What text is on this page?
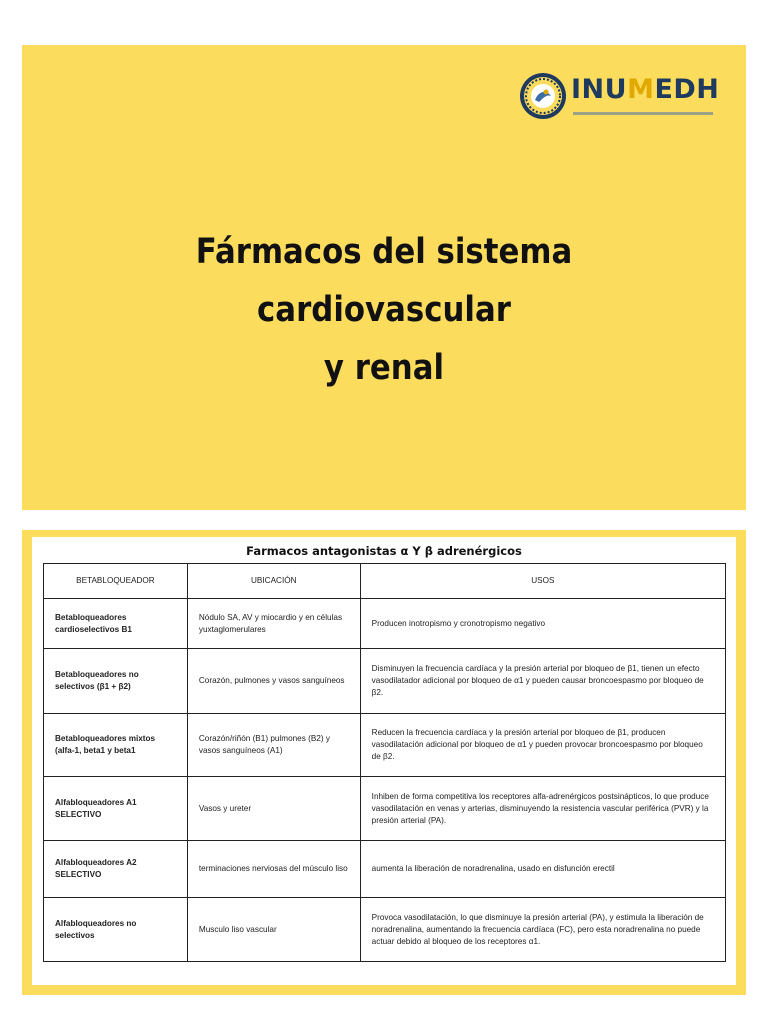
INUMEDH
Fármacos del sistema cardiovascular
y renal
Farmacos antagonistas α Y β adrenérgicos
BETABLOQUEADOR	UBICACIÓN	USOS
Betabloqueadores cardioselectivos B1	Nódulo SA, AV y miocardio y en células yuxtaglomerulares	Producen inotropismo y cronotropismo negativo
Betabloqueadores no selectivos (β1 + β2)	Corazón, pulmones y vasos sanguíneos	Disminuyen la frecuencia cardíaca y la presión arterial por bloqueo de β1, tienen un efecto vasodilatador adicional por bloqueo de α1 y pueden causar broncoespasmo por bloqueo de β2.
Betabloqueadores mixtos (alfa-1, beta1 y beta1	Corazón/riñón (B1) pulmones (B2) y vasos sanguíneos (A1)	Reducen la frecuencia cardíaca y la presión arterial por bloqueo de β1, producen vasodilatación adicional por bloqueo de α1 y pueden provocar broncoespasmo por bloqueo de β2.
Alfabloqueadores A1 SELECTIVO	Vasos y ureter	Inhiben de forma competitiva los receptores alfa-adrenérgicos postsinápticos, lo que produce vasodilatación en venas y arterias, disminuyendo la resistencia vascular periférica (PVR) y la presión arterial (PA).
Alfabloqueadores A2 SELECTIVO	terminaciones nerviosas del músculo liso	aumenta la liberación de noradrenalina, usado en disfunción erectil
Alfabloqueadores no selectivos	Musculo liso vascular	Provoca vasodilatación, lo que disminuye la presión arterial (PA), y estimula la liberación de noradrenalina, aumentando la frecuencia cardíaca (FC), pero esta noradrenalina no puede actuar debido al bloqueo de los receptores α1.
